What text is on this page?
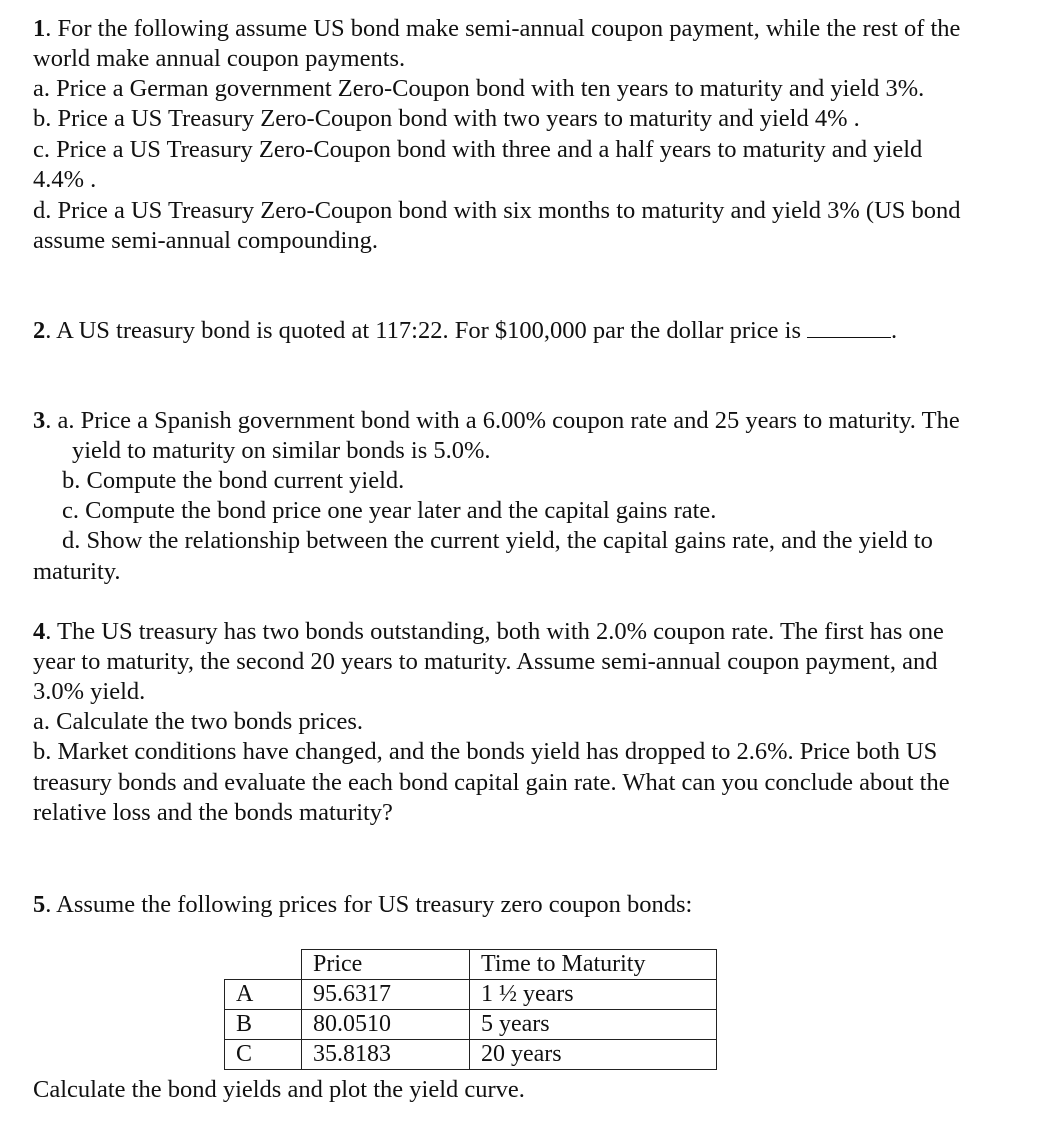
1. For the following assume US bond make semi-annual coupon payment, while the rest of the
world make annual coupon payments.
a. Price a German government Zero-Coupon bond with ten years to maturity and yield 3%.
b. Price a US Treasury Zero-Coupon bond with two years to maturity and yield 4% .
c. Price a US Treasury Zero-Coupon bond with three and a half years to maturity and yield
4.4% .
d. Price a US Treasury Zero-Coupon bond with six months to maturity and yield 3% (US bond
assume semi-annual compounding.
2. A US treasury bond is quoted at 117:22. For $100,000 par the dollar price is	.
3. a. Price a Spanish government bond with a 6.00% coupon rate and 25 years to maturity. The
yield to maturity on similar bonds is 5.0%.
b. Compute the bond current yield.
c. Compute the bond price one year later and the capital gains rate.
d. Show the relationship between the current yield, the capital gains rate, and the yield to
maturity.
4. The US treasury has two bonds outstanding, both with 2.0% coupon rate. The first has one
year to maturity, the second 20 years to maturity. Assume semi-annual coupon payment, and
3.0% yield.
a. Calculate the two bonds prices.
b. Market conditions have changed, and the bonds yield has dropped to 2.6%. Price both US
treasury bonds and evaluate the each bond capital gain rate. What can you conclude about the
relative loss and the bonds maturity?
5. Assume the following prices for US treasury zero coupon bonds:
	Price	Time to Maturity
A	95.6317	1 ½ years
B	80.0510	5 years
C	35.8183	20 years
Calculate the bond yields and plot the yield curve.
